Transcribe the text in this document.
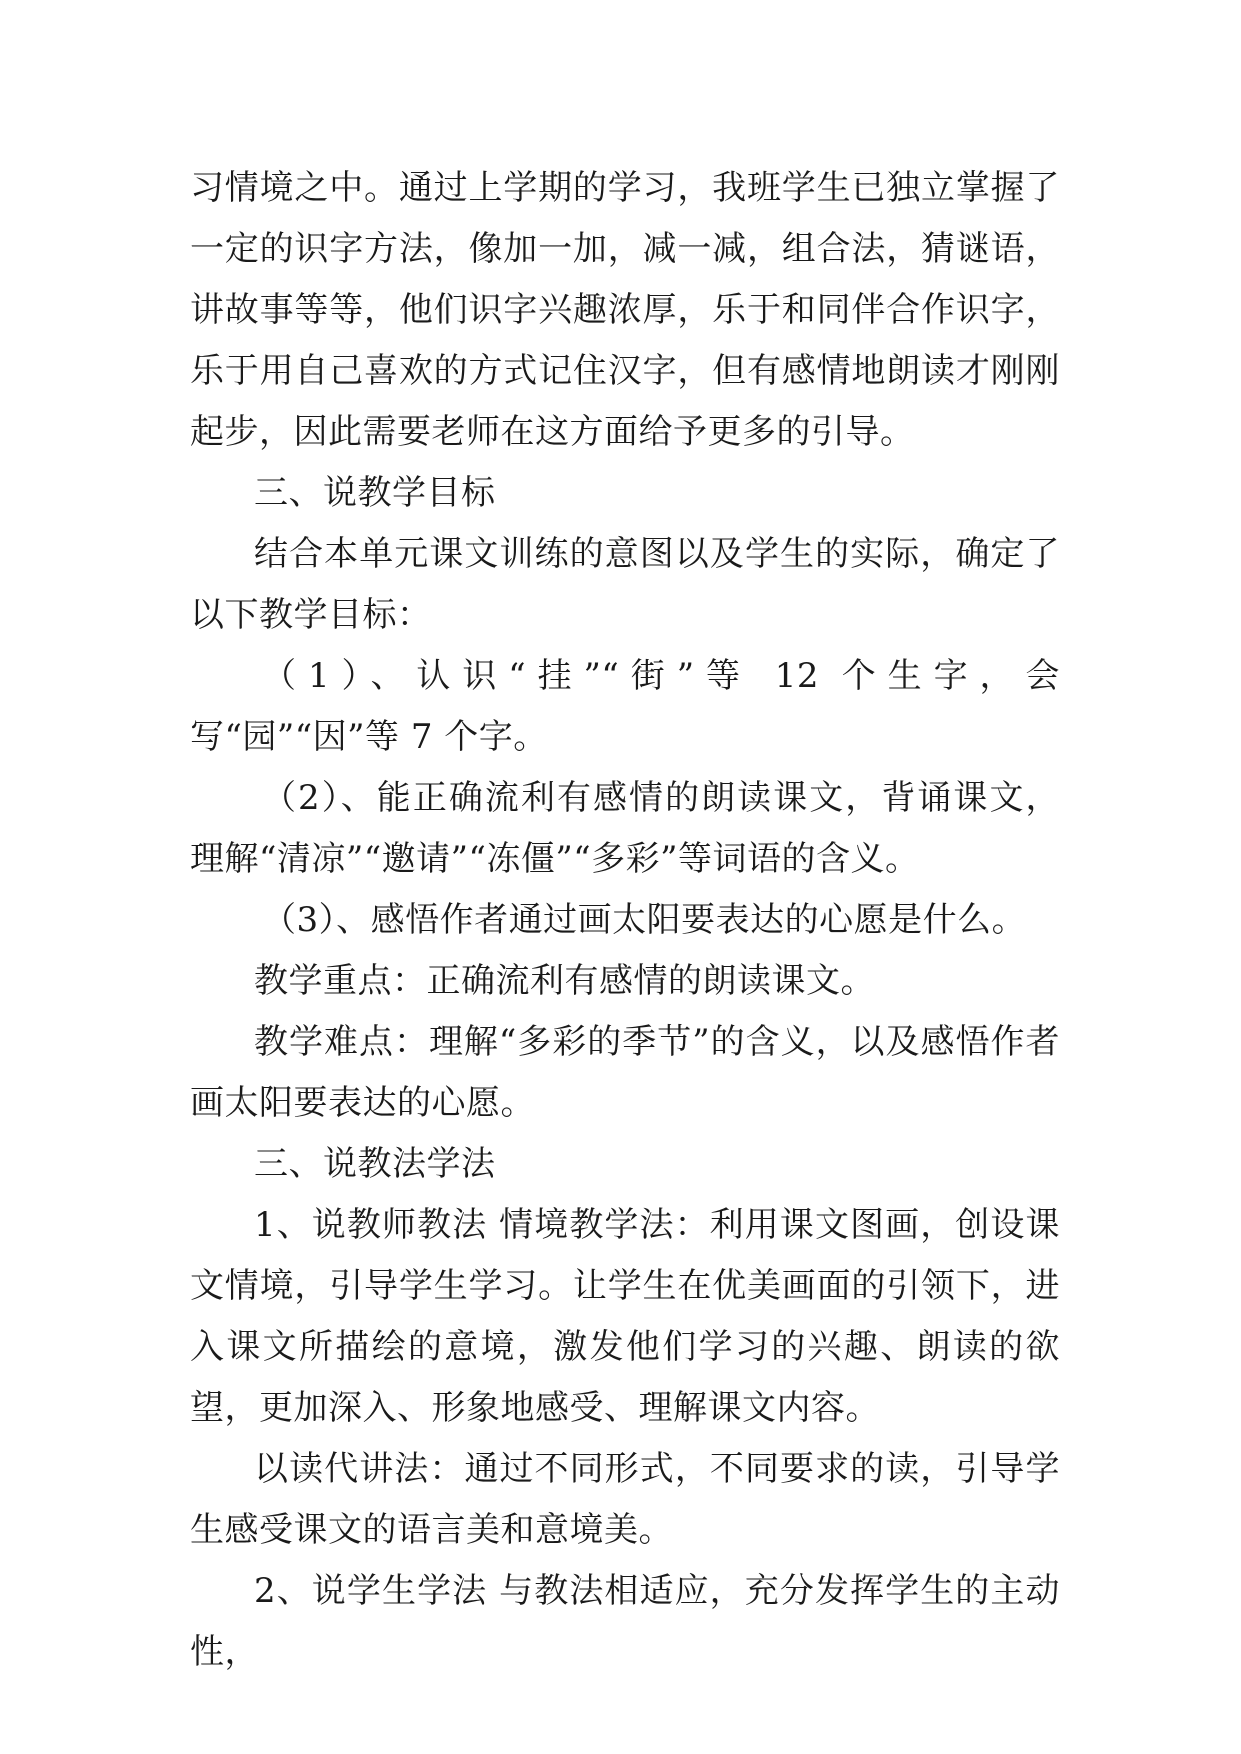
习情境之中。通过上学期的学习，我班学生已独立掌握了一定的识字方法，像加一加，减一减，组合法，猜谜语，讲故事等等，他们识字兴趣浓厚，乐于和同伴合作识字，乐于用自己喜欢的方式记住汉字，但有感情地朗读才刚刚起步，因此需要老师在这方面给予更多的引导。

三、说教学目标

结合本单元课文训练的意图以及学生的实际，确定了以下教学目标：

（1）、认识“挂”“街”等 12 个生字，会写“园”“因”等 7 个字。

（2）、能正确流利有感情的朗读课文，背诵课文，理解“清凉”“邀请”“冻僵”“多彩”等词语的含义。

（3）、感悟作者通过画太阳要表达的心愿是什么。

教学重点：正确流利有感情的朗读课文。

教学难点：理解“多彩的季节”的含义，以及感悟作者画太阳要表达的心愿。

三、说教法学法

1、说教师教法 情境教学法：利用课文图画，创设课文情境，引导学生学习。让学生在优美画面的引领下，进入课文所描绘的意境，激发他们学习的兴趣、朗读的欲望，更加深入、形象地感受、理解课文内容。

以读代讲法：通过不同形式，不同要求的读，引导学生感受课文的语言美和意境美。

2、说学生学法 与教法相适应，充分发挥学生的主动性，
